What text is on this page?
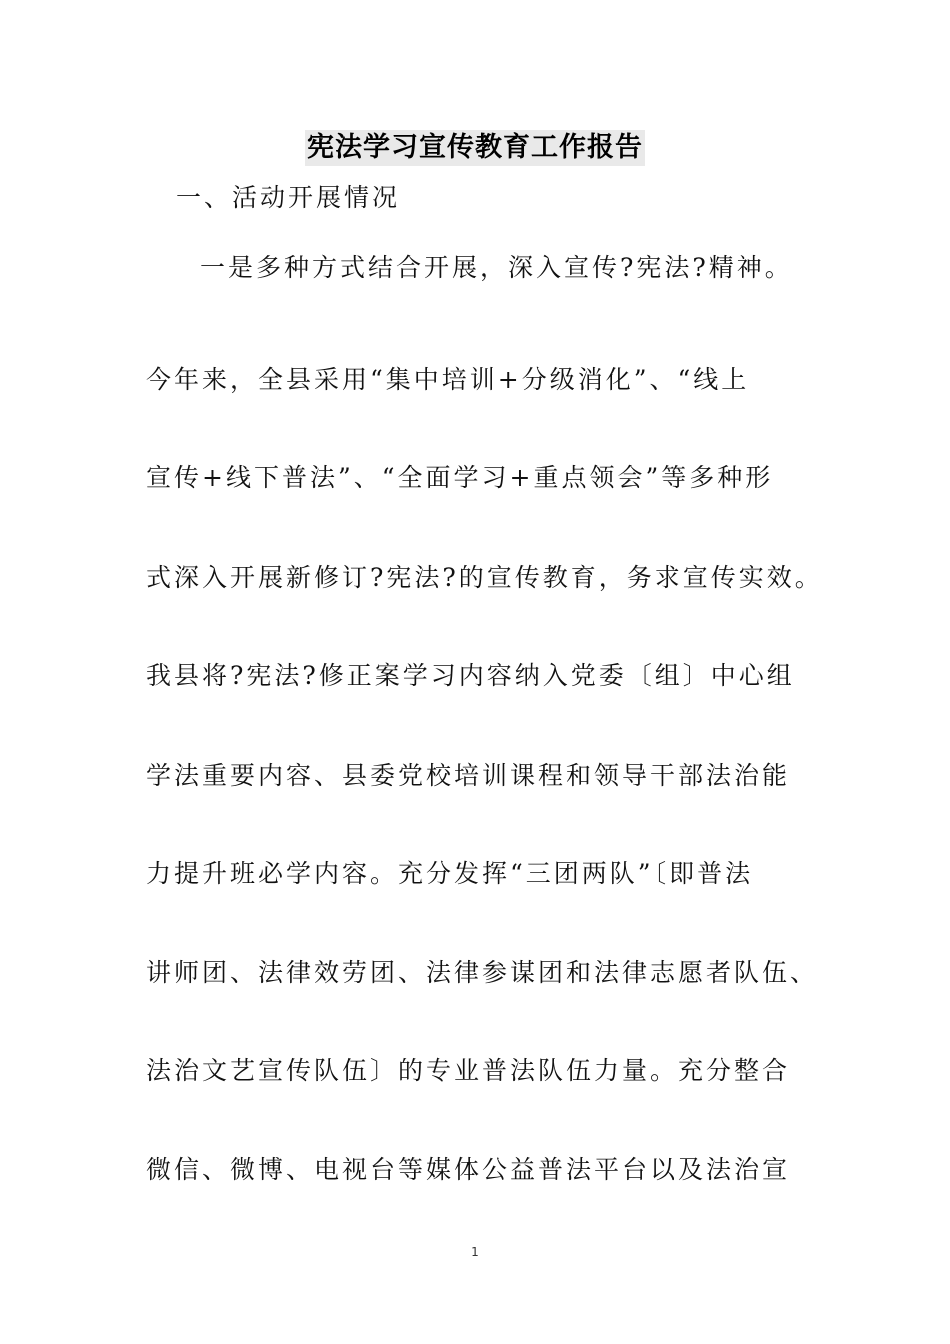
宪法学习宣传教育工作报告
一、活动开展情况
一是多种方式结合开展，深入宣传?宪法?精神。
今年来，全县采用“集中培训+分级消化”、“线上
宣传+线下普法”、“全面学习+重点领会”等多种形
式深入开展新修订?宪法?的宣传教育，务求宣传实效。
我县将?宪法?修正案学习内容纳入党委〔组〕中心组
学法重要内容、县委党校培训课程和领导干部法治能
力提升班必学内容。充分发挥“三团两队”〔即普法
讲师团、法律效劳团、法律参谋团和法律志愿者队伍、
法治文艺宣传队伍〕的专业普法队伍力量。充分整合
微信、微博、电视台等媒体公益普法平台以及法治宣
1
